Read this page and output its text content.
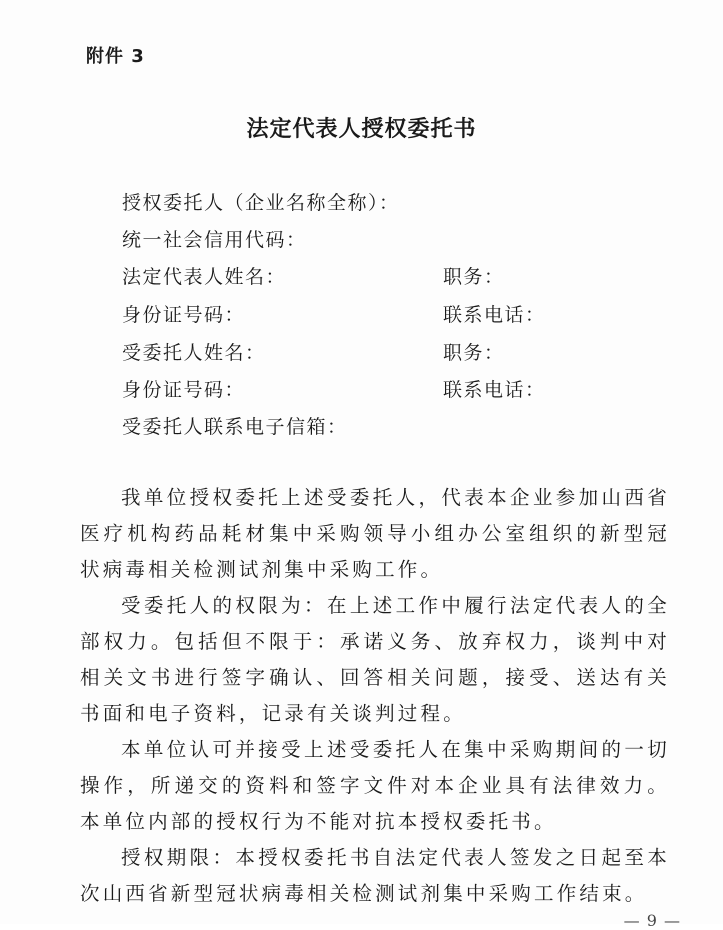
附件 3
法定代表人授权委托书
授权委托人（企业名称全称）：
统一社会信用代码：
法定代表人姓名：	职务：
身份证号码：	联系电话：
受委托人姓名：	职务：
身份证号码：	联系电话：
受委托人联系电子信箱：
我单位授权委托上述受委托人，代表本企业参加山西省医疗机构药品耗材集中采购领导小组办公室组织的新型冠状病毒相关检测试剂集中采购工作。
受委托人的权限为：在上述工作中履行法定代表人的全部权力。包括但不限于：承诺义务、放弃权力，谈判中对相关文书进行签字确认、回答相关问题，接受、送达有关书面和电子资料，记录有关谈判过程。
本单位认可并接受上述受委托人在集中采购期间的一切操作，所递交的资料和签字文件对本企业具有法律效力。本单位内部的授权行为不能对抗本授权委托书。
授权期限：本授权委托书自法定代表人签发之日起至本次山西省新型冠状病毒相关检测试剂集中采购工作结束。
— 9 —
